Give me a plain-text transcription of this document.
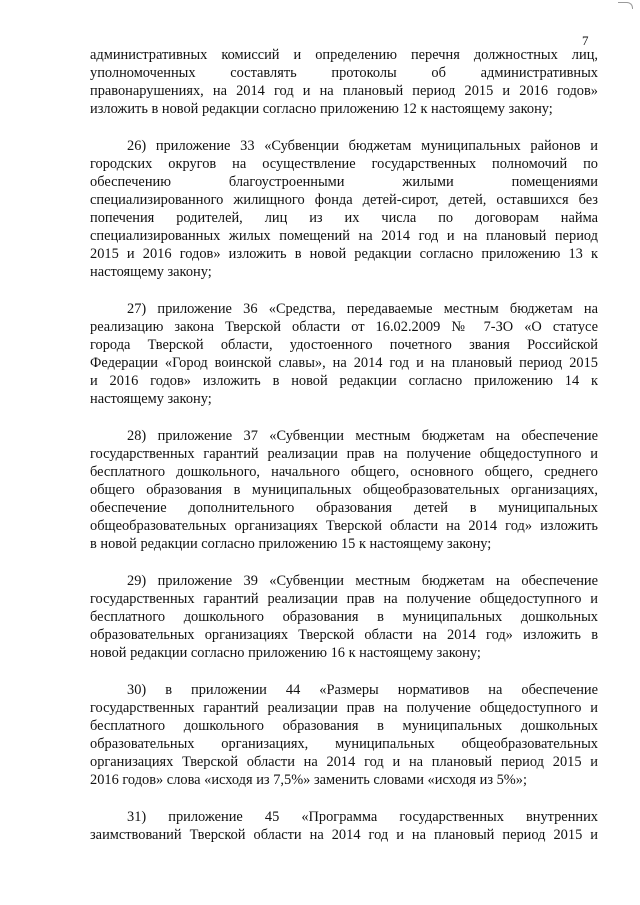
7
административных комиссий и определению перечня должностных лиц,
уполномоченных составлять протоколы об административных
правонарушениях, на 2014 год и на плановый период 2015 и 2016 годов»
изложить в новой редакции согласно приложению 12 к настоящему закону;
26) приложение 33 «Субвенции бюджетам муниципальных районов и
городских округов на осуществление государственных полномочий по
обеспечению благоустроенными жилыми помещениями
специализированного жилищного фонда детей-сирот, детей, оставшихся без
попечения родителей, лиц из их числа по договорам найма
специализированных жилых помещений на 2014 год и на плановый период
2015 и 2016 годов» изложить в новой редакции согласно приложению 13 к
настоящему закону;
27) приложение 36 «Средства, передаваемые местным бюджетам на
реализацию закона Тверской области от 16.02.2009 № 7-ЗО «О статусе
города Тверской области, удостоенного почетного звания Российской
Федерации «Город воинской славы», на 2014 год и на плановый период 2015
и 2016 годов» изложить в новой редакции согласно приложению 14 к
настоящему закону;
28) приложение 37 «Субвенции местным бюджетам на обеспечение
государственных гарантий реализации прав на получение общедоступного и
бесплатного дошкольного, начального общего, основного общего, среднего
общего образования в муниципальных общеобразовательных организациях,
обеспечение дополнительного образования детей в муниципальных
общеобразовательных организациях Тверской области на 2014 год» изложить
в новой редакции согласно приложению 15 к настоящему закону;
29) приложение 39 «Субвенции местным бюджетам на обеспечение
государственных гарантий реализации прав на получение общедоступного и
бесплатного дошкольного образования в муниципальных дошкольных
образовательных организациях Тверской области на 2014 год» изложить в
новой редакции согласно приложению 16 к настоящему закону;
30) в приложении 44 «Размеры нормативов на обеспечение
государственных гарантий реализации прав на получение общедоступного и
бесплатного дошкольного образования в муниципальных дошкольных
образовательных организациях, муниципальных общеобразовательных
организациях Тверской области на 2014 год и на плановый период 2015 и
2016 годов» слова «исходя из 7,5%» заменить словами «исходя из 5%»;
31) приложение 45 «Программа государственных внутренних
заимствований Тверской области на 2014 год и на плановый период 2015 и
